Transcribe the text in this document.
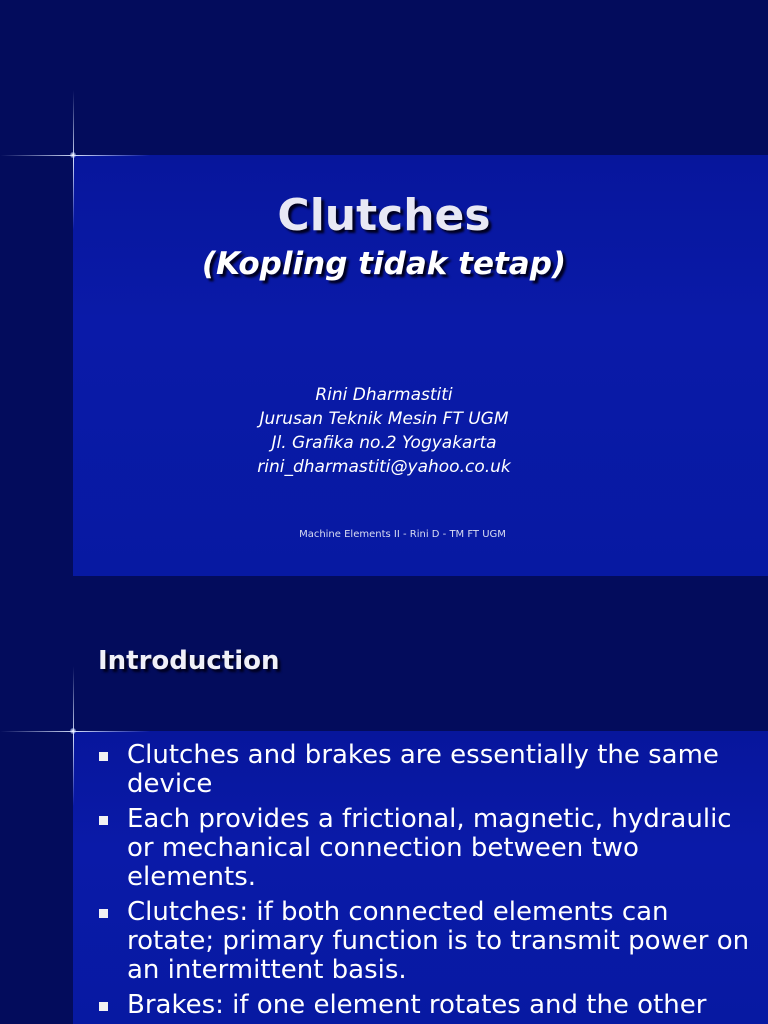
Clutches
(Kopling tidak tetap)
Rini Dharmastiti
Jurusan Teknik Mesin FT UGM
Jl. Grafika no.2 Yogyakarta
rini_dharmastiti@yahoo.co.uk
Machine Elements II - Rini D - TM FT UGM
Introduction
Clutches and brakes are essentially the same device
Each provides a frictional, magnetic, hydraulic or mechanical connection between two elements.
Clutches: if both connected elements can rotate; primary function is to transmit power on an intermittent basis.
Brakes: if one element rotates and the other
